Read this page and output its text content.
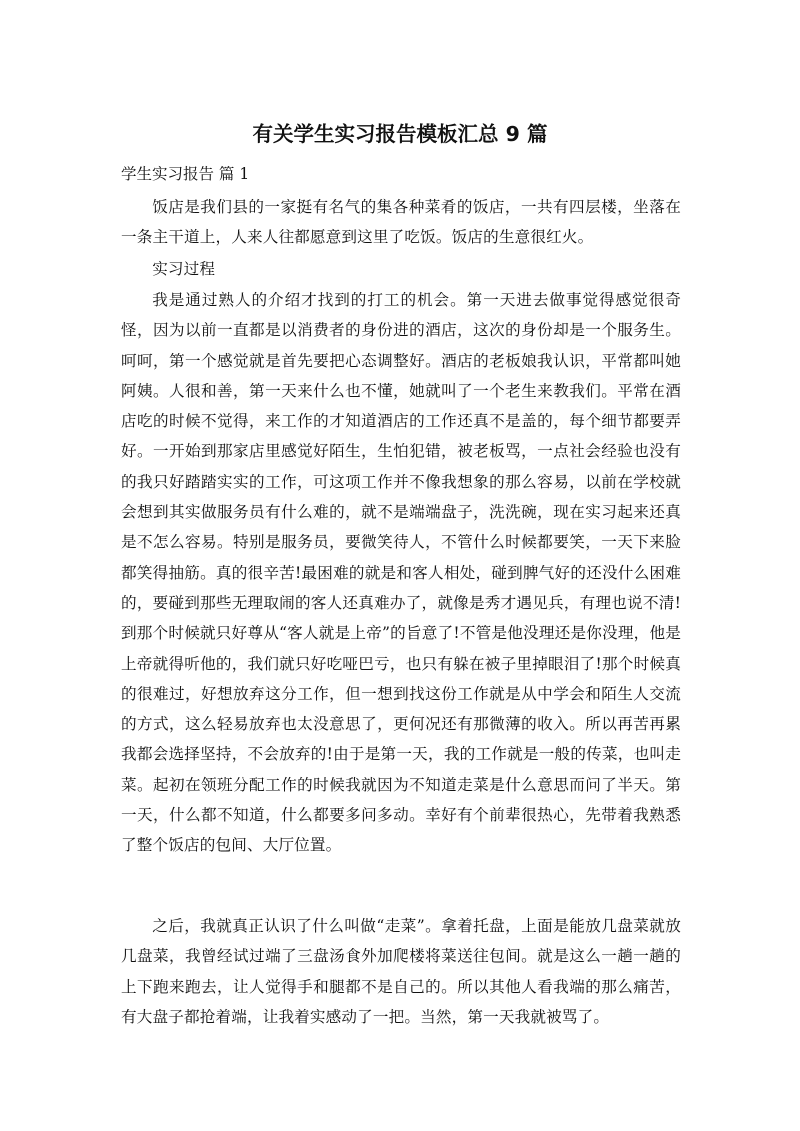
有关学生实习报告模板汇总 9 篇

学生实习报告 篇 1

饭店是我们县的一家挺有名气的集各种菜肴的饭店，一共有四层楼，坐落在一条主干道上，人来人往都愿意到这里了吃饭。饭店的生意很红火。

实习过程

我是通过熟人的介绍才找到的打工的机会。第一天进去做事觉得感觉很奇怪，因为以前一直都是以消费者的身份进的酒店，这次的身份却是一个服务生。呵呵，第一个感觉就是首先要把心态调整好。酒店的老板娘我认识，平常都叫她阿姨。人很和善，第一天来什么也不懂，她就叫了一个老生来教我们。平常在酒店吃的时候不觉得，来工作的才知道酒店的工作还真不是盖的，每个细节都要弄好。一开始到那家店里感觉好陌生，生怕犯错，被老板骂，一点社会经验也没有的我只好踏踏实实的工作，可这项工作并不像我想象的那么容易，以前在学校就会想到其实做服务员有什么难的，就不是端端盘子，洗洗碗，现在实习起来还真是不怎么容易。特别是服务员，要微笑待人，不管什么时候都要笑，一天下来脸都笑得抽筋。真的很辛苦!最困难的就是和客人相处，碰到脾气好的还没什么困难的，要碰到那些无理取闹的客人还真难办了，就像是秀才遇见兵，有理也说不清!到那个时候就只好尊从“客人就是上帝”的旨意了!不管是他没理还是你没理，他是上帝就得听他的，我们就只好吃哑巴亏，也只有躲在被子里掉眼泪了!那个时候真的很难过，好想放弃这分工作，但一想到找这份工作就是从中学会和陌生人交流的方式，这么轻易放弃也太没意思了，更何况还有那微薄的收入。所以再苦再累我都会选择坚持，不会放弃的!由于是第一天，我的工作就是一般的传菜，也叫走菜。起初在领班分配工作的时候我就因为不知道走菜是什么意思而问了半天。第一天，什么都不知道，什么都要多问多动。幸好有个前辈很热心，先带着我熟悉了整个饭店的包间、大厅位置。

之后，我就真正认识了什么叫做“走菜”。拿着托盘，上面是能放几盘菜就放几盘菜，我曾经试过端了三盘汤食外加爬楼将菜送往包间。就是这么一趟一趟的上下跑来跑去，让人觉得手和腿都不是自己的。所以其他人看我端的那么痛苦，有大盘子都抢着端，让我着实感动了一把。当然，第一天我就被骂了。
